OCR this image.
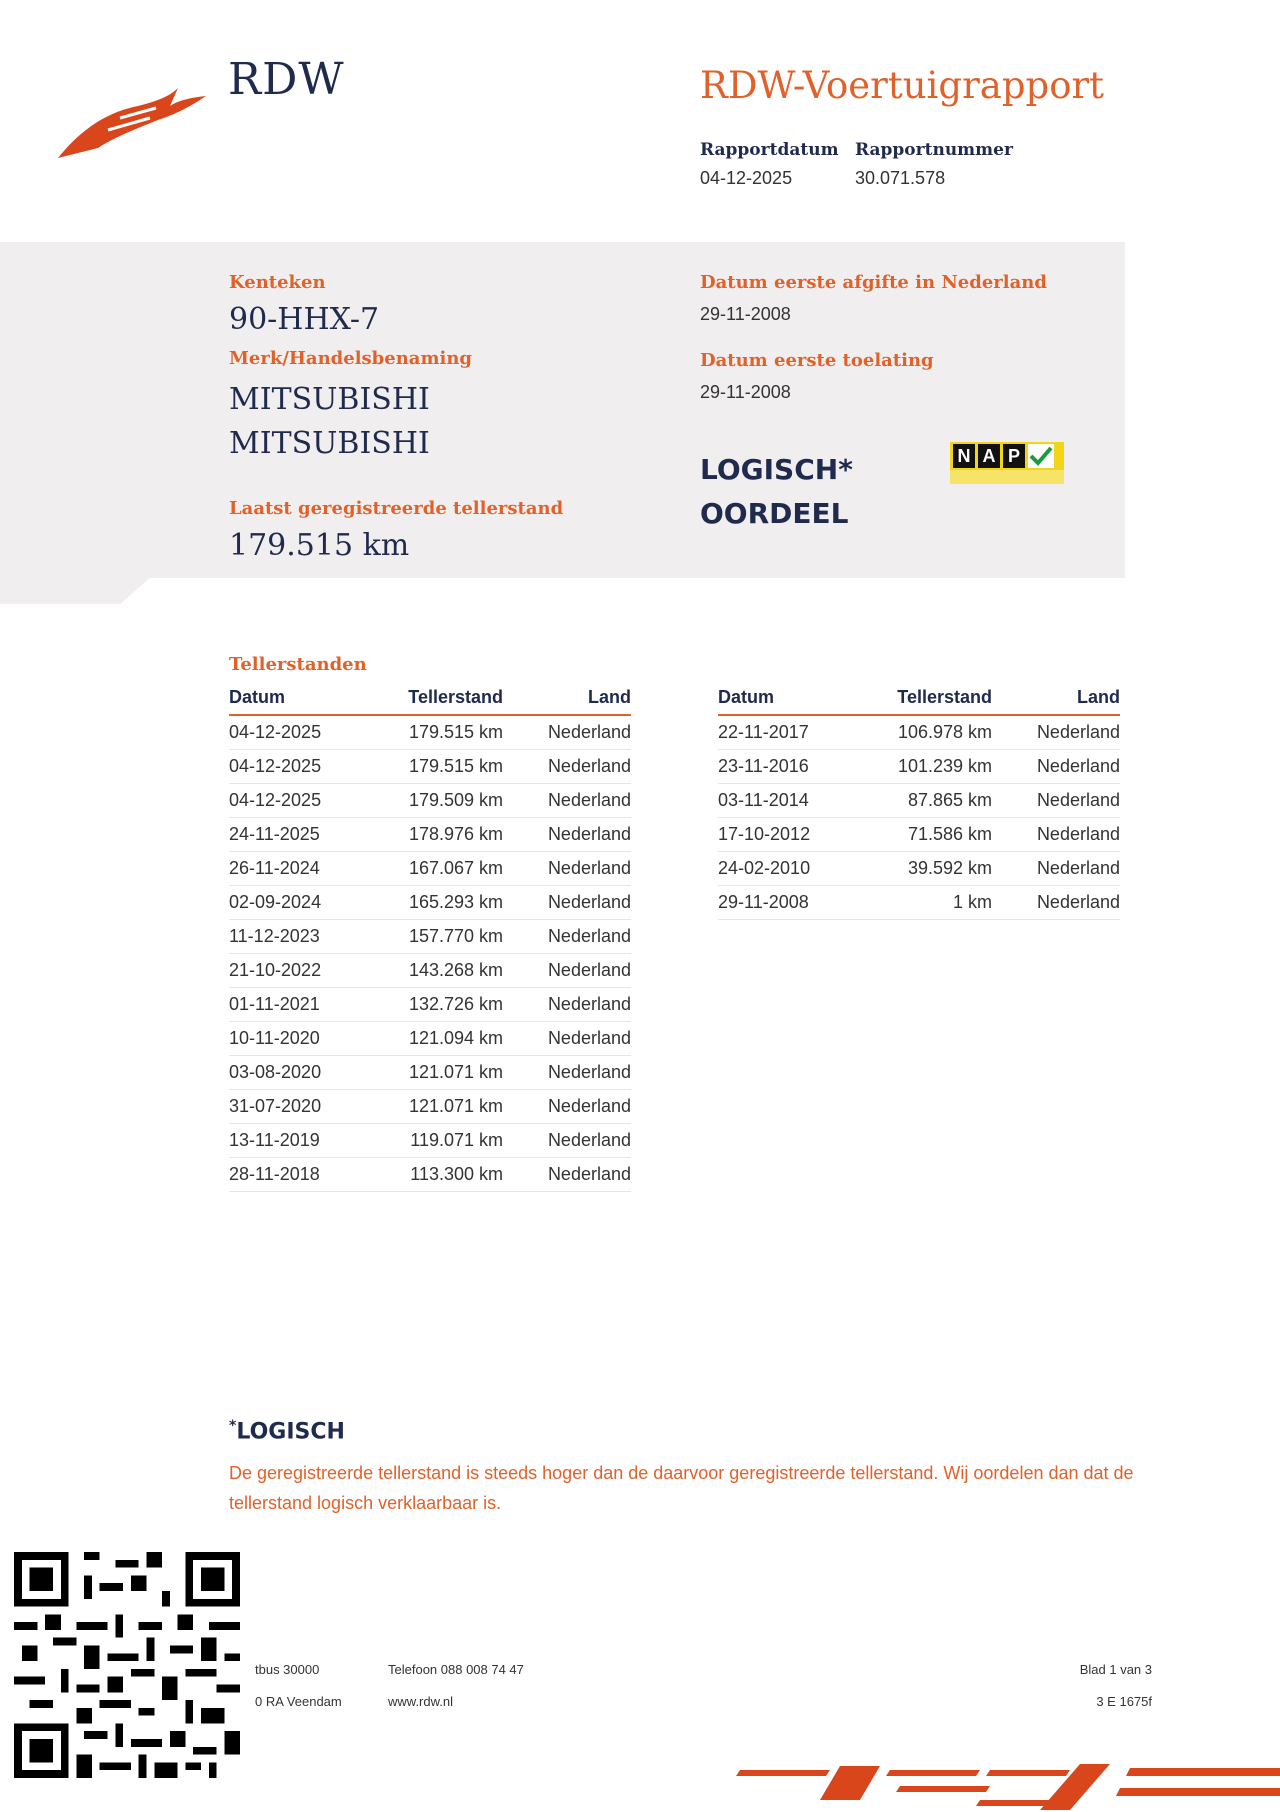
RDW	RDW-Voertuigrapport
Rapportdatum
04-12-2025
Rapportnummer
30.071.578
Kenteken
90-HHX-7
Merk/Handelsbenaming
MITSUBISHI
MITSUBISHI
Laatst geregistreerde tellerstand
179.515 km
Datum eerste afgifte in Nederland
29-11-2008
Datum eerste toelating
29-11-2008
LOGISCH*
OORDEEL
N A P
Tellerstanden
Datum	Tellerstand	Land
04-12-2025	179.515 km	Nederland
04-12-2025	179.515 km	Nederland
04-12-2025	179.509 km	Nederland
24-11-2025	178.976 km	Nederland
26-11-2024	167.067 km	Nederland
02-09-2024	165.293 km	Nederland
11-12-2023	157.770 km	Nederland
21-10-2022	143.268 km	Nederland
01-11-2021	132.726 km	Nederland
10-11-2020	121.094 km	Nederland
03-08-2020	121.071 km	Nederland
31-07-2020	121.071 km	Nederland
13-11-2019	119.071 km	Nederland
28-11-2018	113.300 km	Nederland
Datum	Tellerstand	Land
22-11-2017	106.978 km	Nederland
23-11-2016	101.239 km	Nederland
03-11-2014	87.865 km	Nederland
17-10-2012	71.586 km	Nederland
24-02-2010	39.592 km	Nederland
29-11-2008	1 km	Nederland
*LOGISCH
De geregistreerde tellerstand is steeds hoger dan de daarvoor geregistreerde tellerstand. Wij oordelen dan dat de tellerstand logisch verklaarbaar is.
tbus 30000
0 RA Veendam
Telefoon 088 008 74 47
www.rdw.nl
Blad 1 van 3
3 E 1675f
